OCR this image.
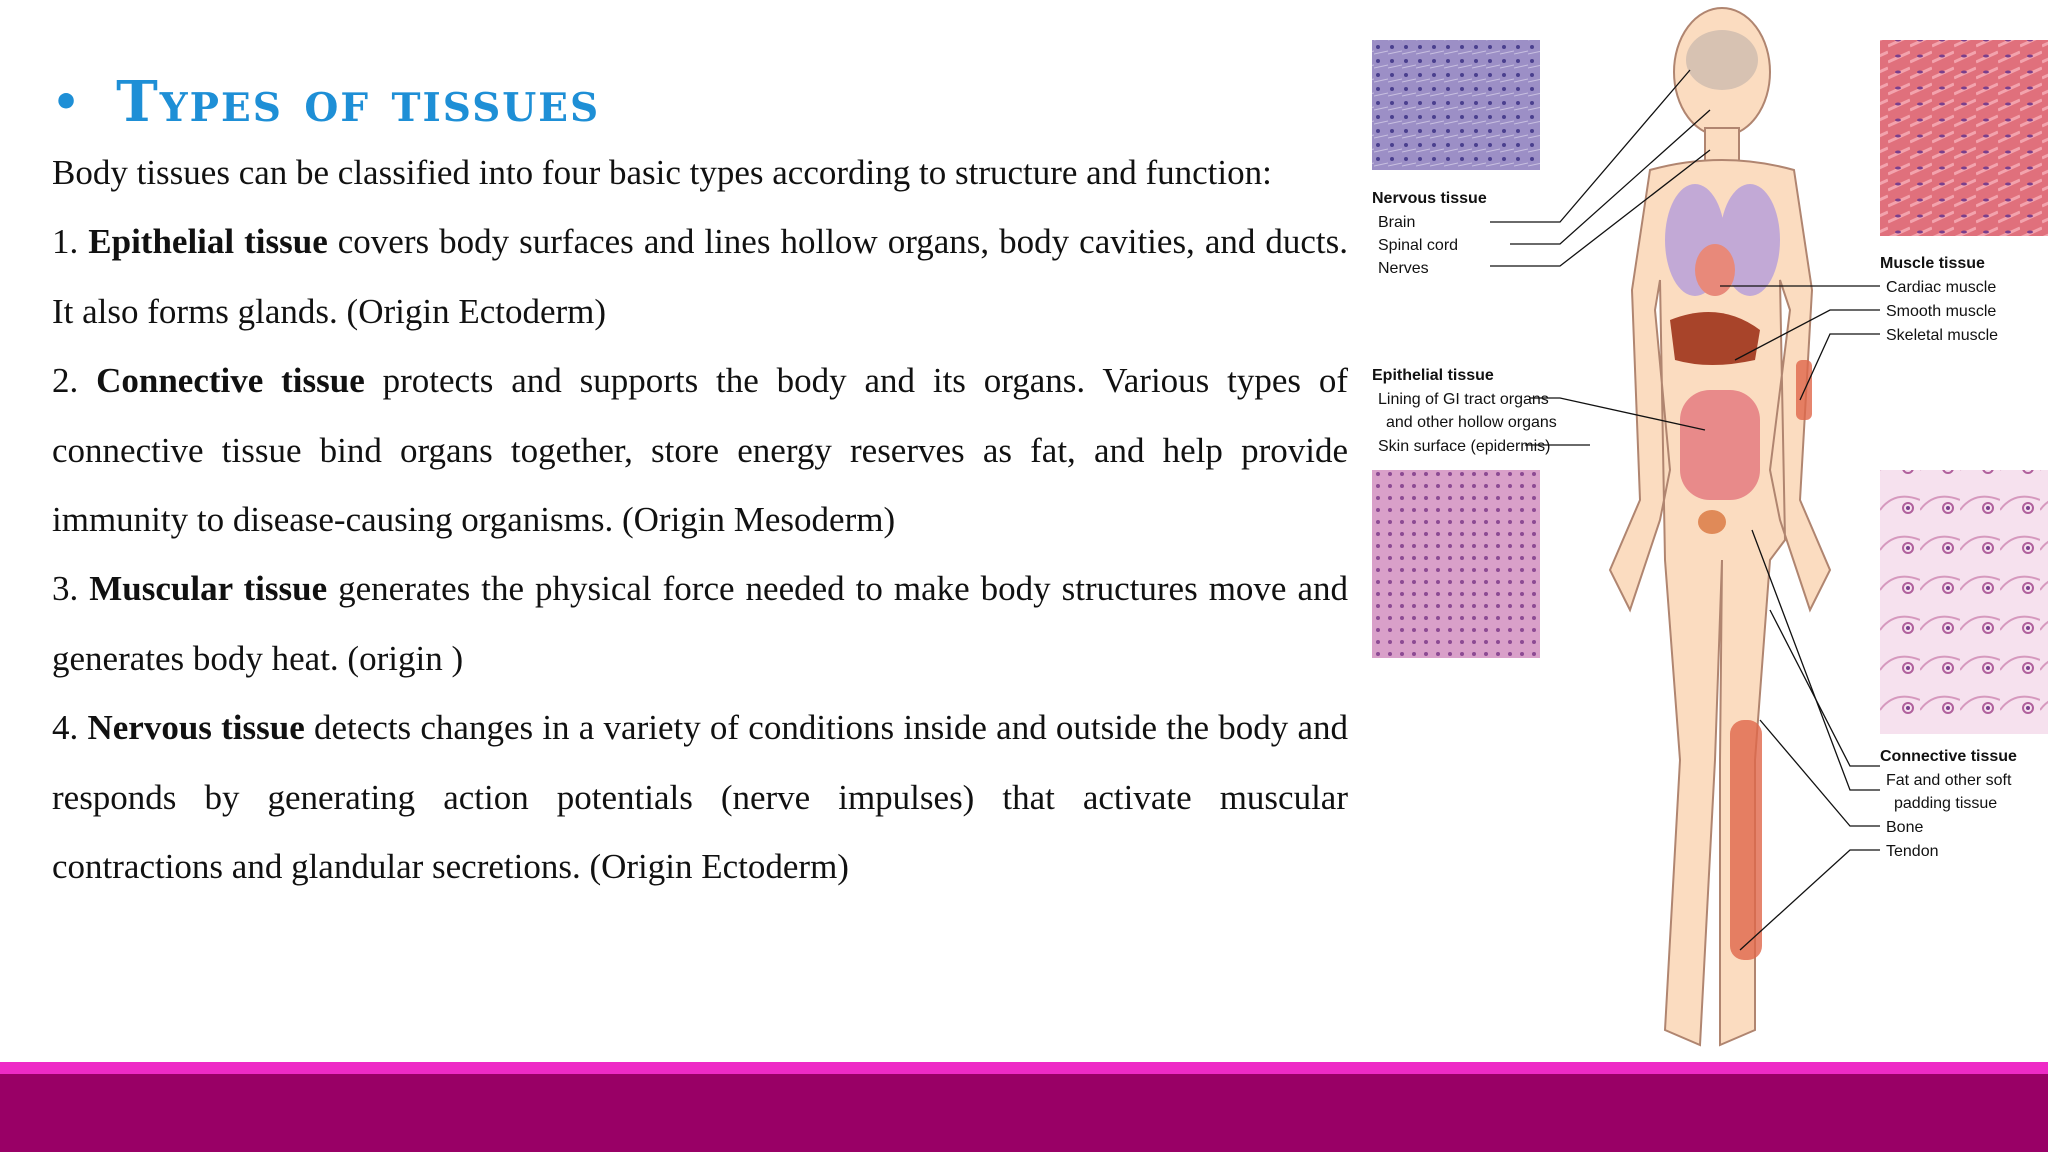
• Types of tissues

Body tissues can be classified into four basic types according to structure and function:

1. Epithelial tissue covers body surfaces and lines hollow organs, body cavities, and ducts. It also forms glands. (Origin Ectoderm)

2. Connective tissue protects and supports the body and its organs. Various types of connective tissue bind organs together, store energy reserves as fat, and help provide immunity to disease-causing organisms. (Origin Mesoderm)

3. Muscular tissue generates the physical force needed to make body structures move and generates body heat. (origin )

4. Nervous tissue detects changes in a variety of conditions inside and outside the body and responds by generating action potentials (nerve impulses) that activate muscular contractions and glandular secretions. (Origin Ectoderm)

Nervous tissue
Brain
Spinal cord
Nerves
Epithelial tissue
Lining of GI tract organs
and other hollow organs
Skin surface (epidermis)
Muscle tissue
Cardiac muscle
Smooth muscle
Skeletal muscle
Connective tissue
Fat and other soft
padding tissue
Bone
Tendon
